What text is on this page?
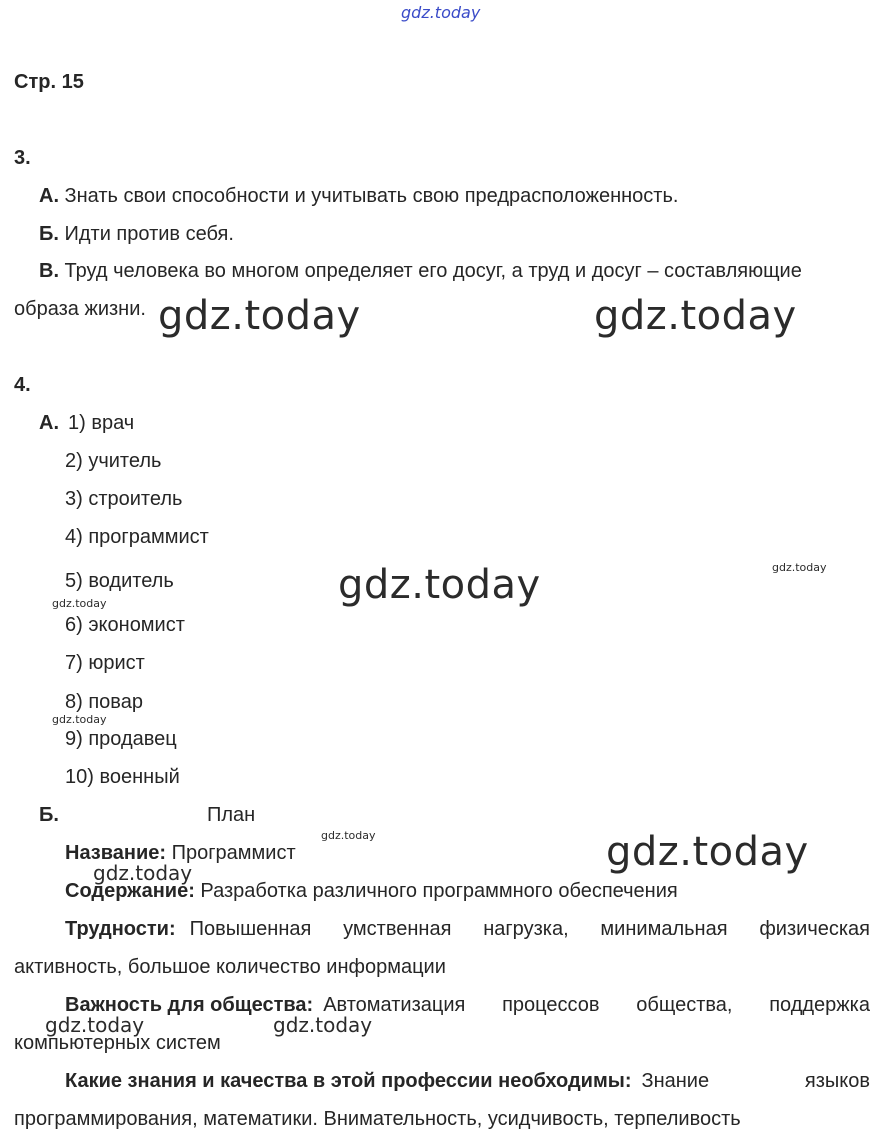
gdz.today
Стр. 15
3.
А. Знать свои способности и учитывать свою предрасположенность.
Б. Идти против себя.
В. Труд человека во многом определяет его досуг, а труд и досуг – составляющие
образа жизни.
4.
А. 1) врач
2) учитель
3) строитель
4) программист
5) водитель
6) экономист
7) юрист
8) повар
9) продавец
10) военный
Б.	План
Название: Программист
Содержание: Разработка различного программного обеспечения
Трудности: Повышенная умственная нагрузка, минимальная физическая
активность, большое количество информации
Важность для общества: Автоматизация процессов общества, поддержка
компьютерных систем
Какие знания и качества в этой профессии необходимы: Знание языков
программирования, математики. Внимательность, усидчивость, терпеливость
gdz.today	gdz.today
gdz.today	gdz.today
gdz.today
gdz.today
gdz.today	gdz.today
gdz.today
gdz.today	gdz.today
